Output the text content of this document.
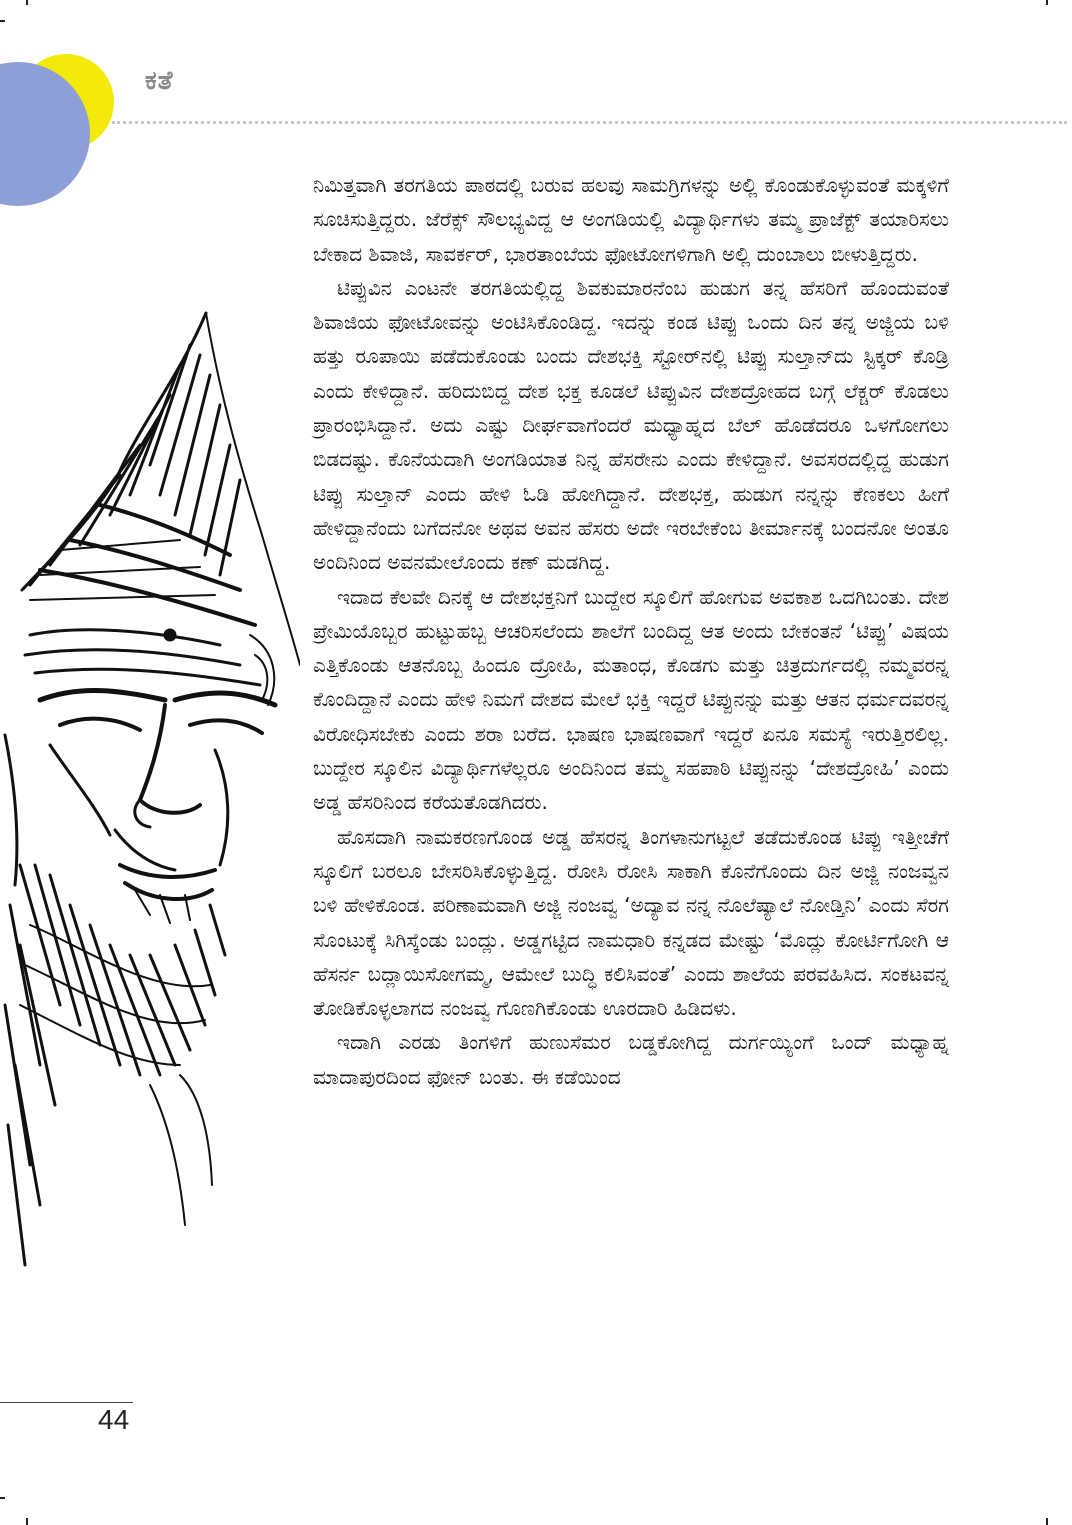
ಕತೆ

ನಿಮಿತ್ತವಾಗಿ ತರಗತಿಯ ಪಾಠದಲ್ಲಿ ಬರುವ ಹಲವು ಸಾಮಗ್ರಿಗಳನ್ನು ಅಲ್ಲಿ ಕೊಂಡುಕೊಳ್ಳುವಂತೆ ಮಕ್ಕಳಿಗೆ ಸೂಚಿಸುತ್ತಿದ್ದರು. ಜೆರೆಕ್ಸ್ ಸೌಲಭ್ಯವಿದ್ದ ಆ ಅಂಗಡಿಯಲ್ಲಿ ವಿದ್ಯಾರ್ಥಿಗಳು ತಮ್ಮ ಪ್ರಾಜೆಕ್ಟ್ ತಯಾರಿಸಲು ಬೇಕಾದ ಶಿವಾಜಿ, ಸಾವರ್ಕರ್, ಭಾರತಾಂಬೆಯ ಫೋಟೋಗಳಿಗಾಗಿ ಅಲ್ಲಿ ದುಂಬಾಲು ಬೀಳುತ್ತಿದ್ದರು.

ಟಿಪ್ಪುವಿನ ಎಂಟನೇ ತರಗತಿಯಲ್ಲಿದ್ದ ಶಿವಕುಮಾರನೆಂಬ ಹುಡುಗ ತನ್ನ ಹೆಸರಿಗೆ ಹೊಂದುವಂತೆ ಶಿವಾಜಿಯ ಫೋಟೋವನ್ನು ಅಂಟಿಸಿಕೊಂಡಿದ್ದ. ಇದನ್ನು ಕಂಡ ಟಿಪ್ಪು ಒಂದು ದಿನ ತನ್ನ ಅಜ್ಜಿಯ ಬಳಿ ಹತ್ತು ರೂಪಾಯಿ ಪಡೆದುಕೊಂಡು ಬಂದು ದೇಶಭಕ್ತಿ ಸ್ಟೋರ್‌ನಲ್ಲಿ ಟಿಪ್ಪು ಸುಲ್ತಾನ್‌ದು ಸ್ಟಿಕ್ಕರ್ ಕೊಡ್ರಿ ಎಂದು ಕೇಳಿದ್ದಾನೆ. ಹರಿದುಬಿದ್ದ ದೇಶ ಭಕ್ತ ಕೂಡಲೆ ಟಿಪ್ಪುವಿನ ದೇಶದ್ರೋಹದ ಬಗ್ಗೆ ಲೆಕ್ಚರ್ ಕೊಡಲು ಪ್ರಾರಂಭಿಸಿದ್ದಾನೆ. ಅದು ಎಷ್ಟು ದೀರ್ಘವಾಗೆಂದರೆ ಮಧ್ಯಾಹ್ನದ ಬೆಲ್ ಹೊಡೆದರೂ ಒಳಗೋಗಲು ಬಿಡದಷ್ಟು. ಕೊನೆಯದಾಗಿ ಅಂಗಡಿಯಾತ ನಿನ್ನ ಹೆಸರೇನು ಎಂದು ಕೇಳಿದ್ದಾನೆ. ಅವಸರದಲ್ಲಿದ್ದ ಹುಡುಗ ಟಿಪ್ಪು ಸುಲ್ತಾನ್ ಎಂದು ಹೇಳಿ ಓಡಿ ಹೋಗಿದ್ದಾನೆ. ದೇಶಭಕ್ತ, ಹುಡುಗ ನನ್ನನ್ನು ಕೆಣಕಲು ಹೀಗೆ ಹೇಳಿದ್ದಾನೆಂದು ಬಗೆದನೋ ಅಥವ ಅವನ ಹೆಸರು ಅದೇ ಇರಬೇಕೆಂಬ ತೀರ್ಮಾನಕ್ಕೆ ಬಂದನೋ ಅಂತೂ ಅಂದಿನಿಂದ ಅವನಮೇಲೊಂದು ಕಣ್ ಮಡಗಿದ್ದ.

ಇದಾದ ಕೆಲವೇ ದಿನಕ್ಕೆ ಆ ದೇಶಭಕ್ತನಿಗೆ ಬುದ್ದೇರ ಸ್ಕೂಲಿಗೆ ಹೋಗುವ ಅವಕಾಶ ಒದಗಿಬಂತು. ದೇಶ ಪ್ರೇಮಿಯೊಬ್ಬರ ಹುಟ್ಟುಹಬ್ಬ ಆಚರಿಸಲೆಂದು ಶಾಲೆಗೆ ಬಂದಿದ್ದ ಆತ ಅಂದು ಬೇಕಂತನೆ ‘ಟಿಪ್ಪು’ ವಿಷಯ ಎತ್ತಿಕೊಂಡು ಆತನೊಬ್ಬ ಹಿಂದೂ ದ್ರೋಹಿ, ಮತಾಂಧ, ಕೊಡಗು ಮತ್ತು ಚಿತ್ರದುರ್ಗದಲ್ಲಿ ನಮ್ಮವರನ್ನ ಕೊಂದಿದ್ದಾನೆ ಎಂದು ಹೇಳಿ ನಿಮಗೆ ದೇಶದ ಮೇಲೆ ಭಕ್ತಿ ಇದ್ದರೆ ಟಿಪ್ಪುನನ್ನು ಮತ್ತು ಆತನ ಧರ್ಮದವರನ್ನ ವಿರೋಧಿಸಬೇಕು ಎಂದು ಶರಾ ಬರೆದ. ಭಾಷಣ ಭಾಷಣವಾಗೆ ಇದ್ದರೆ ಏನೂ ಸಮಸ್ಯೆ ಇರುತ್ತಿರಲಿಲ್ಲ. ಬುದ್ದೇರ ಸ್ಕೂಲಿನ ವಿದ್ಯಾರ್ಥಿಗಳೆಲ್ಲರೂ ಅಂದಿನಿಂದ ತಮ್ಮ ಸಹಪಾಠಿ ಟಿಪ್ಪುನನ್ನು ‘ದೇಶದ್ರೋಹಿ’ ಎಂದು ಅಡ್ಡ ಹೆಸರಿನಿಂದ ಕರೆಯತೊಡಗಿದರು.

ಹೊಸದಾಗಿ ನಾಮಕರಣಗೊಂಡ ಅಡ್ಡ ಹೆಸರನ್ನ ತಿಂಗಳಾನುಗಟ್ಟಲೆ ತಡೆದುಕೊಂಡ ಟಿಪ್ಪು ಇತ್ತೀಚೆಗೆ ಸ್ಕೂಲಿಗೆ ಬರಲೂ ಬೇಸರಿಸಿಕೊಳ್ಳುತ್ತಿದ್ದ. ರೋಸಿ ರೋಸಿ ಸಾಕಾಗಿ ಕೊನೆಗೊಂದು ದಿನ ಅಜ್ಜಿ ನಂಜವ್ವನ ಬಳಿ ಹೇಳಿಕೊಂಡ. ಪರಿಣಾಮವಾಗಿ ಅಜ್ಜಿ ನಂಜವ್ವ ‘ಅದ್ಯಾವ ನನ್ನ ನೊಲೆಷ್ಯಾಲೆ ನೋಡ್ತಿನಿ’ ಎಂದು ಸೆರಗ ಸೊಂಟುಕ್ಕೆ ಸಿಗಿಸ್ಕೆಂಡು ಬಂದ್ಲು. ಅಡ್ಡಗಟ್ಟಿದ ನಾಮಧಾರಿ ಕನ್ನಡದ ಮೇಷ್ಟು ‘ಮೊದ್ಲು ಕೋರ್ಟಿಗೋಗಿ ಆ ಹೆಸರ್ನ ಬದ್ಲಾಯಿಸೋಗಮ್ಮ, ಆಮೇಲೆ ಬುದ್ಧಿ ಕಲಿಸಿವಂತೆ’ ಎಂದು ಶಾಲೆಯ ಪರವಹಿಸಿದ. ಸಂಕಟವನ್ನ ತೋಡಿಕೊಳ್ಳಲಾಗದ ನಂಜವ್ವ ಗೊಣಗಿಕೊಂಡು ಊರದಾರಿ ಹಿಡಿದಳು.

ಇದಾಗಿ ಎರಡು ತಿಂಗಳಿಗೆ ಹುಣುಸೆಮರ ಬಡ್ಡಕೋಗಿದ್ದ ದುರ್ಗಯ್ಯಿಂಗೆ ಒಂದ್ ಮಧ್ಯಾಹ್ನ ಮಾದಾಪುರದಿಂದ ಫೋನ್ ಬಂತು. ಈ ಕಡೆಯಿಂದ

44
